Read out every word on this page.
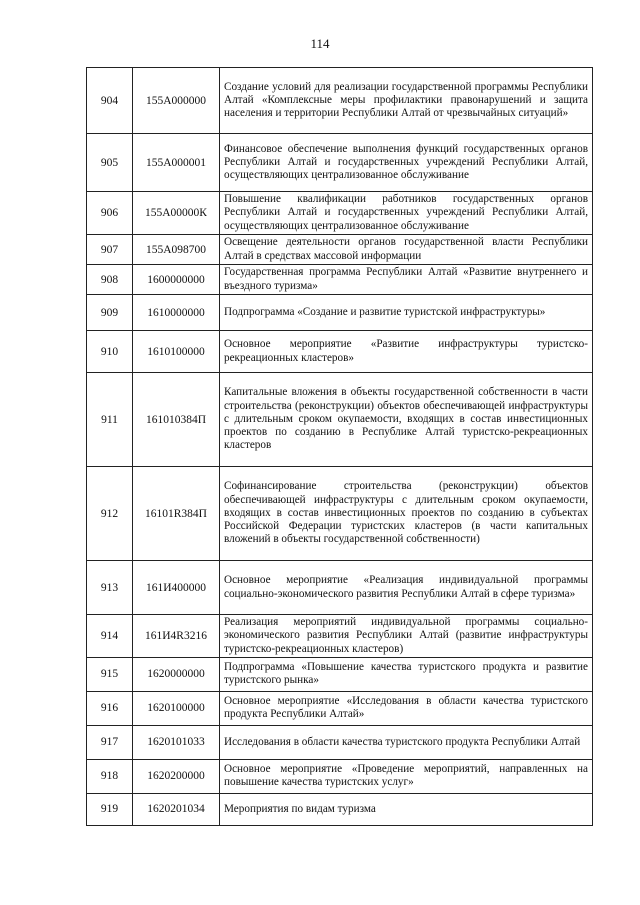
114
904	155А000000	Создание условий для реализации государственной программы Республики Алтай «Комплексные меры профилактики правонарушений и защита населения и территории Республики Алтай от чрезвычайных ситуаций»
905	155А000001	Финансовое обеспечение выполнения функций государственных органов Республики Алтай и государственных учреждений Республики Алтай, осуществляющих централизованное обслуживание
906	155А00000К	Повышение квалификации работников государственных органов Республики Алтай и государственных учреждений Республики Алтай, осуществляющих централизованное обслуживание
907	155А098700	Освещение деятельности органов государственной власти Республики Алтай в средствах массовой информации
908	1600000000	Государственная программа Республики Алтай «Развитие внутреннего и въездного туризма»
909	1610000000	Подпрограмма «Создание и развитие туристской инфраструктуры»
910	1610100000	Основное мероприятие «Развитие инфраструктуры туристско-рекреационных кластеров»
911	161010384П	Капитальные вложения в объекты государственной собственности в части строительства (реконструкции) объектов обеспечивающей инфраструктуры с длительным сроком окупаемости, входящих в состав инвестиционных проектов по созданию в Республике Алтай туристско-рекреационных кластеров
912	16101R384П	Софинансирование строительства (реконструкции) объектов обеспечивающей инфраструктуры с длительным сроком окупаемости, входящих в состав инвестиционных проектов по созданию в субъектах Российской Федерации туристских кластеров (в части капитальных вложений в объекты государственной собственности)
913	161И400000	Основное мероприятие «Реализация индивидуальной программы социально-экономического развития Республики Алтай в сфере туризма»
914	161И4R3216	Реализация мероприятий индивидуальной программы социально-экономического развития Республики Алтай (развитие инфраструктуры туристско-рекреационных кластеров)
915	1620000000	Подпрограмма «Повышение качества туристского продукта и развитие туристского рынка»
916	1620100000	Основное мероприятие «Исследования в области качества туристского продукта Республики Алтай»
917	1620101033	Исследования в области качества туристского продукта Республики Алтай
918	1620200000	Основное мероприятие «Проведение мероприятий, направленных на повышение качества туристских услуг»
919	1620201034	Мероприятия по видам туризма
